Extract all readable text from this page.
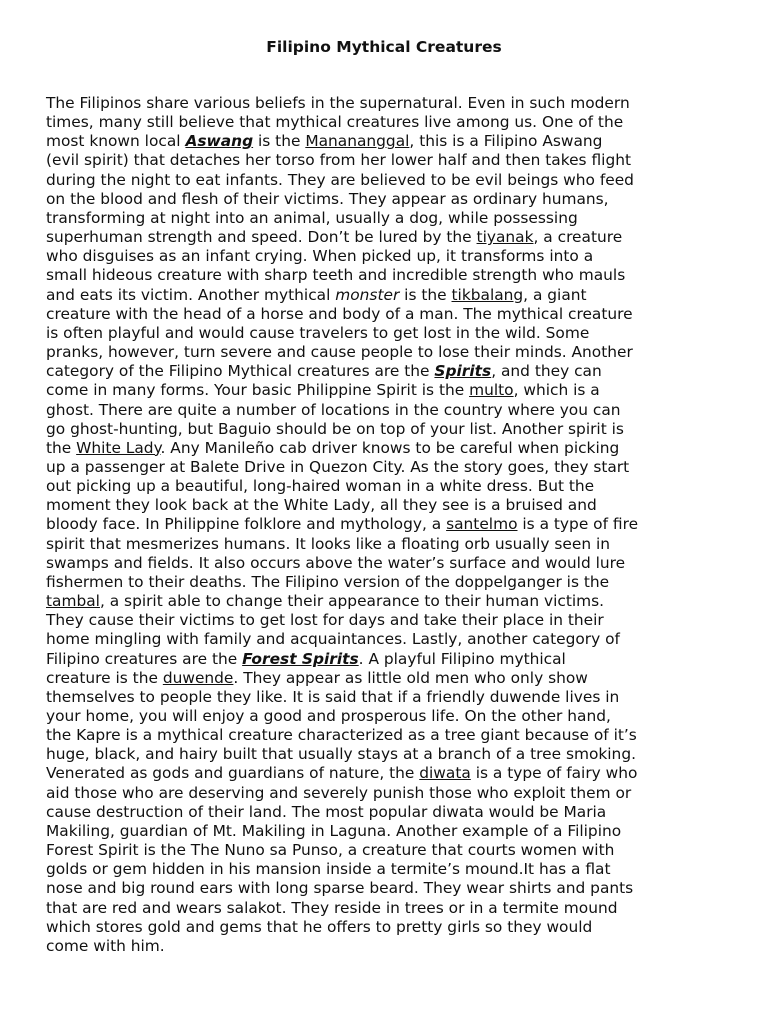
Filipino Mythical Creatures
The Filipinos share various beliefs in the supernatural. Even in such modern
times, many still believe that mythical creatures live among us. One of the
most known local Aswang is the Manananggal, this is a Filipino Aswang
(evil spirit) that detaches her torso from her lower half and then takes flight
during the night to eat infants. They are believed to be evil beings who feed
on the blood and flesh of their victims. They appear as ordinary humans,
transforming at night into an animal, usually a dog, while possessing
superhuman strength and speed. Don’t be lured by the tiyanak, a creature
who disguises as an infant crying. When picked up, it transforms into a
small hideous creature with sharp teeth and incredible strength who mauls
and eats its victim. Another mythical monster is the tikbalang, a giant
creature with the head of a horse and body of a man. The mythical creature
is often playful and would cause travelers to get lost in the wild. Some
pranks, however, turn severe and cause people to lose their minds. Another
category of the Filipino Mythical creatures are the Spirits, and they can
come in many forms. Your basic Philippine Spirit is the multo, which is a
ghost. There are quite a number of locations in the country where you can
go ghost-hunting, but Baguio should be on top of your list. Another spirit is
the White Lady. Any Manileño cab driver knows to be careful when picking
up a passenger at Balete Drive in Quezon City. As the story goes, they start
out picking up a beautiful, long-haired woman in a white dress. But the
moment they look back at the White Lady, all they see is a bruised and
bloody face. In Philippine folklore and mythology, a santelmo is a type of fire
spirit that mesmerizes humans. It looks like a floating orb usually seen in
swamps and fields. It also occurs above the water’s surface and would lure
fishermen to their deaths. The Filipino version of the doppelganger is the
tambal, a spirit able to change their appearance to their human victims.
They cause their victims to get lost for days and take their place in their
home mingling with family and acquaintances. Lastly, another category of
Filipino creatures are the Forest Spirits. A playful Filipino mythical
creature is the duwende. They appear as little old men who only show
themselves to people they like. It is said that if a friendly duwende lives in
your home, you will enjoy a good and prosperous life. On the other hand,
the Kapre is a mythical creature characterized as a tree giant because of it’s
huge, black, and hairy built that usually stays at a branch of a tree smoking.
Venerated as gods and guardians of nature, the diwata is a type of fairy who
aid those who are deserving and severely punish those who exploit them or
cause destruction of their land. The most popular diwata would be Maria
Makiling, guardian of Mt. Makiling in Laguna. Another example of a Filipino
Forest Spirit is the The Nuno sa Punso, a creature that courts women with
golds or gem hidden in his mansion inside a termite’s mound.It has a flat
nose and big round ears with long sparse beard. They wear shirts and pants
that are red and wears salakot. They reside in trees or in a termite mound
which stores gold and gems that he offers to pretty girls so they would
come with him.
